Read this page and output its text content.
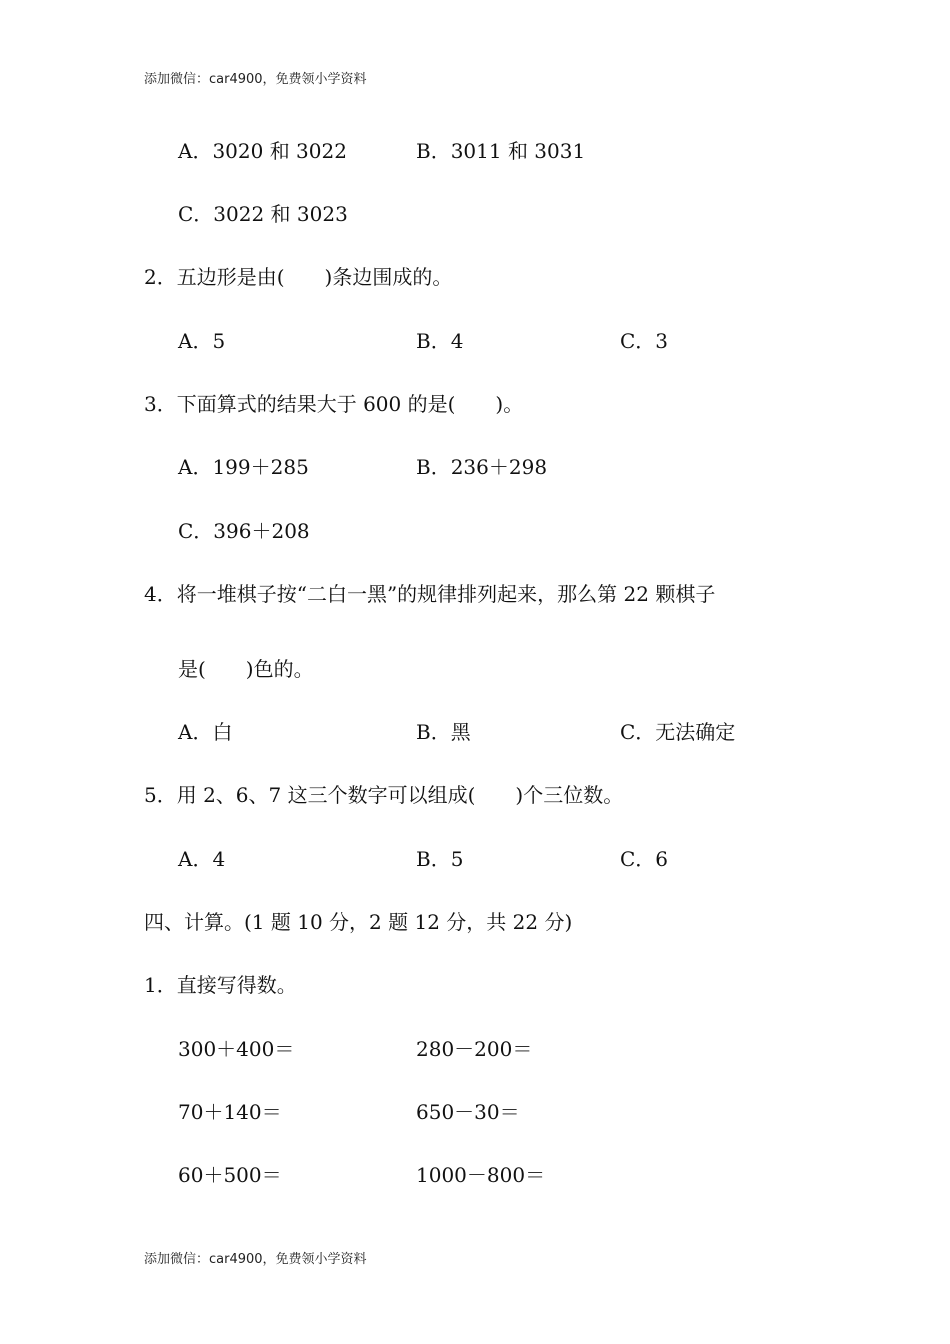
添加微信：car4900，免费领小学资料
A．3020 和 3022	B．3011 和 3031
C．3022 和 3023
2．五边形是由(　　)条边围成的。
A．5	B．4	C．3
3．下面算式的结果大于 600 的是(　　)。
A．199＋285	B．236＋298
C．396＋208
4．将一堆棋子按“二白一黑”的规律排列起来，那么第 22 颗棋子
是(　　)色的。
A．白	B．黑	C．无法确定
5．用 2、6、7 这三个数字可以组成(　　)个三位数。
A．4	B．5	C．6
四、计算。(1 题 10 分，2 题 12 分，共 22 分)
1．直接写得数。
300＋400＝	280－200＝
70＋140＝	650－30＝
60＋500＝	1000－800＝
添加微信：car4900，免费领小学资料
